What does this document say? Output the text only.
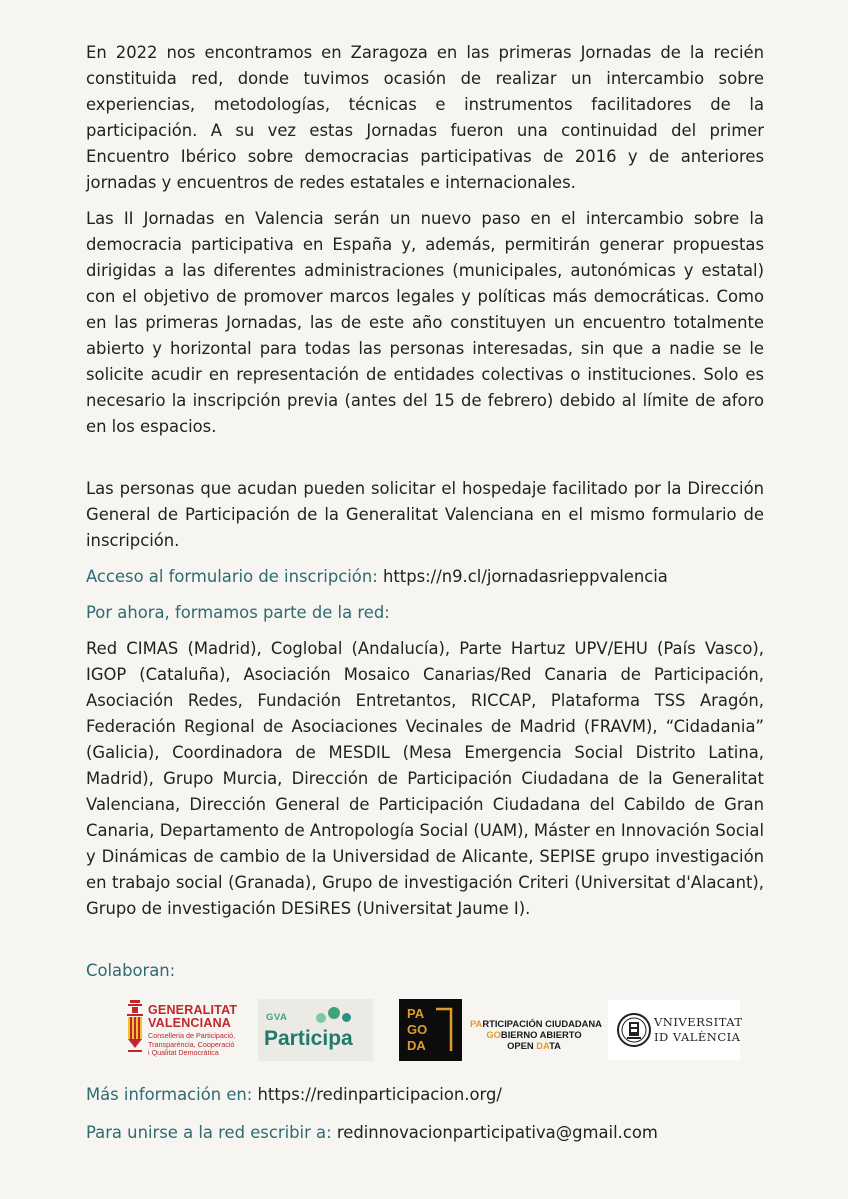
En 2022 nos encontramos en Zaragoza en las primeras Jornadas de la recién constituida red, donde tuvimos ocasión de realizar un intercambio sobre experiencias, metodologías, técnicas e instrumentos facilitadores de la participación. A su vez estas Jornadas fueron una continuidad del primer Encuentro Ibérico sobre democracias participativas de 2016 y de anteriores jornadas y encuentros de redes estatales e internacionales.

Las II Jornadas en Valencia serán un nuevo paso en el intercambio sobre la democracia participativa en España y, además, permitirán generar propuestas dirigidas a las diferentes administraciones (municipales, autonómicas y estatal) con el objetivo de promover marcos legales y políticas más democráticas. Como en las primeras Jornadas, las de este año constituyen un encuentro totalmente abierto y horizontal para todas las personas interesadas, sin que a nadie se le solicite acudir en representación de entidades colectivas o instituciones. Solo es necesario la inscripción previa (antes del 15 de febrero) debido al límite de aforo en los espacios.

Las personas que acudan pueden solicitar el hospedaje facilitado por la Dirección General de Participación de la Generalitat Valenciana en el mismo formulario de inscripción.

Acceso al formulario de inscripción: https://n9.cl/jornadasrieppvalencia
Por ahora, formamos parte de la red:

Red CIMAS (Madrid), Coglobal (Andalucía), Parte Hartuz UPV/EHU (País Vasco), IGOP (Cataluña), Asociación Mosaico Canarias/Red Canaria de Participación, Asociación Redes, Fundación Entretantos, RICCAP, Plataforma TSS Aragón, Federación Regional de Asociaciones Vecinales de Madrid (FRAVM), “Cidadania” (Galicia), Coordinadora de MESDIL (Mesa Emergencia Social Distrito Latina, Madrid), Grupo Murcia, Dirección de Participación Ciudadana de la Generalitat Valenciana, Dirección General de Participación Ciudadana del Cabildo de Gran Canaria, Departamento de Antropología Social (UAM), Máster en Innovación Social y Dinámicas de cambio de la Universidad de Alicante, SEPISE grupo investigación en trabajo social (Granada), Grupo de investigación Criteri (Universitat d'Alacant), Grupo de investigación DESiRES (Universitat Jaume I).

Colaboran:
GENERALITAT
VALENCIANA
Conselleria de Participació,
Transparència, Cooperació
i Qualitat Democràtica
GVA
Participa
PA
GO
DA
PARTICIPACIÓN CIUDADANA
GOBIERNO ABIERTO
OPEN DATA
VNIVERSITAT
ID VALÈNCIA
Más información en: https://redinparticipacion.org/
Para unirse a la red escribir a: redinnovacionparticipativa@gmail.com
